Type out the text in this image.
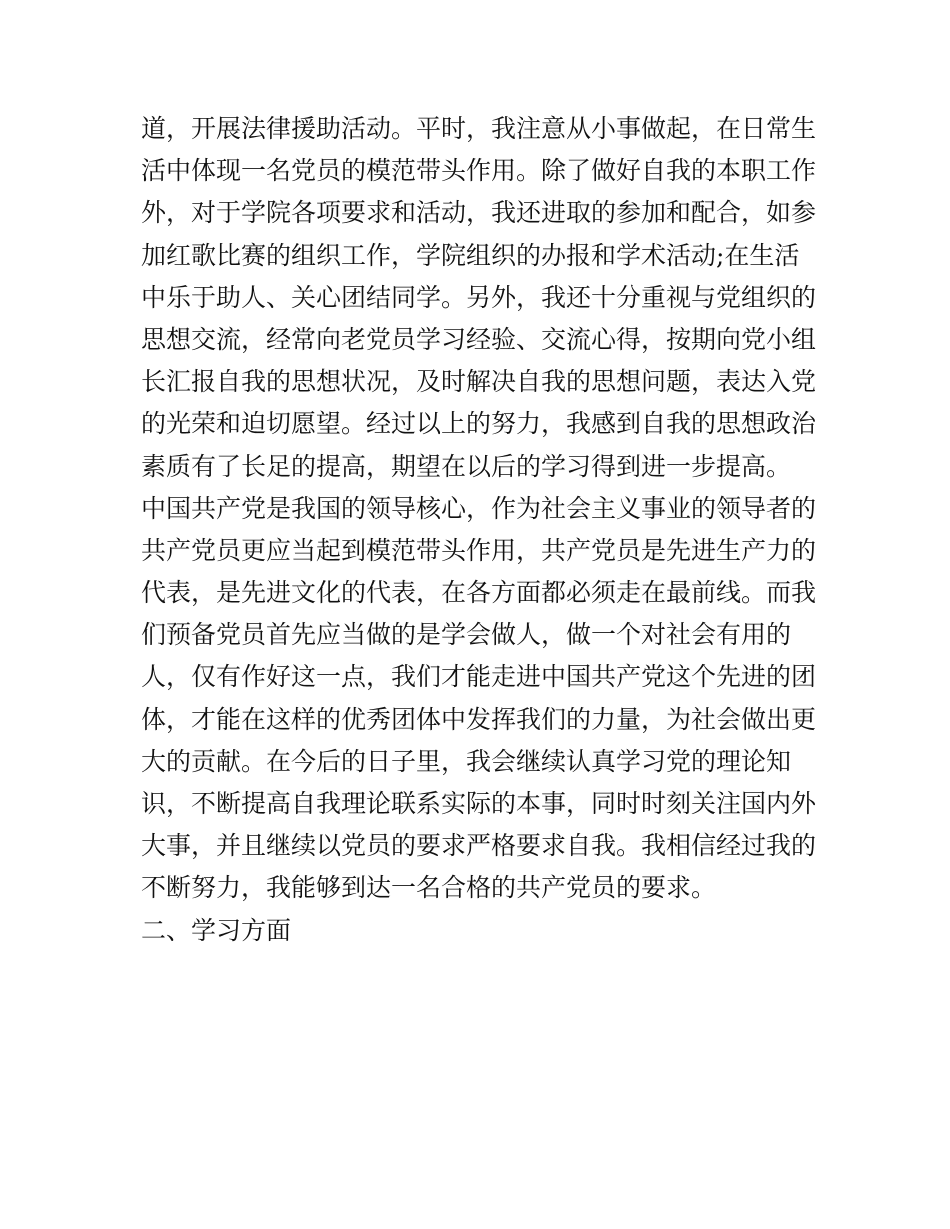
道，开展法律援助活动。平时，我注意从小事做起，在日常生
活中体现一名党员的模范带头作用。除了做好自我的本职工作
外，对于学院各项要求和活动，我还进取的参加和配合，如参
加红歌比赛的组织工作，学院组织的办报和学术活动;在生活
中乐于助人、关心团结同学。另外，我还十分重视与党组织的
思想交流，经常向老党员学习经验、交流心得，按期向党小组
长汇报自我的思想状况，及时解决自我的思想问题，表达入党
的光荣和迫切愿望。经过以上的努力，我感到自我的思想政治
素质有了长足的提高，期望在以后的学习得到进一步提高。
中国共产党是我国的领导核心，作为社会主义事业的领导者的
共产党员更应当起到模范带头作用，共产党员是先进生产力的
代表，是先进文化的代表，在各方面都必须走在最前线。而我
们预备党员首先应当做的是学会做人，做一个对社会有用的
人，仅有作好这一点，我们才能走进中国共产党这个先进的团
体，才能在这样的优秀团体中发挥我们的力量，为社会做出更
大的贡献。在今后的日子里，我会继续认真学习党的理论知
识，不断提高自我理论联系实际的本事，同时时刻关注国内外
大事，并且继续以党员的要求严格要求自我。我相信经过我的
不断努力，我能够到达一名合格的共产党员的要求。
二、学习方面
